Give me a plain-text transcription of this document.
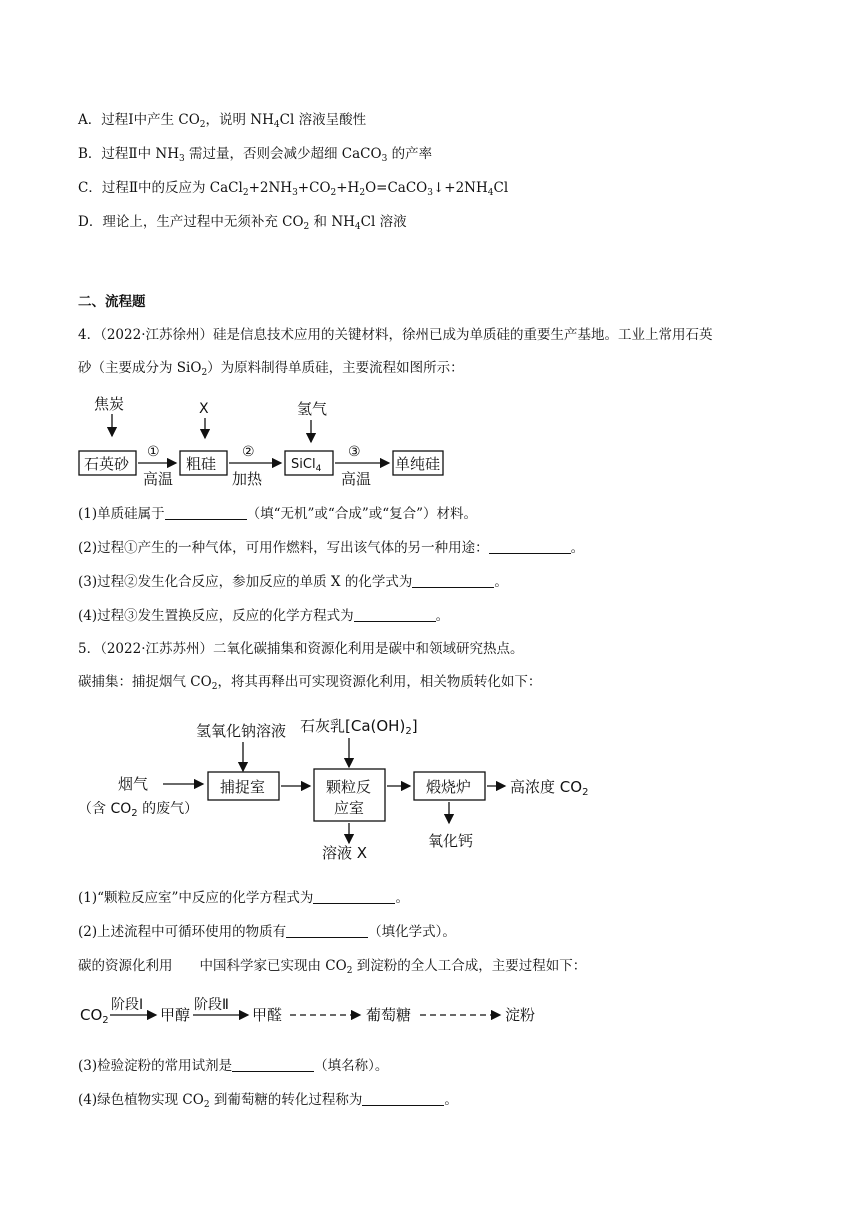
A．过程Ⅰ中产生 $CO_2$，说明 $NH_4Cl$ 溶液呈酸性
B．过程Ⅱ中 $NH_3$ 需过量，否则会减少超细 CaCO$_3$ 的产率
C．过程Ⅱ中的反应为 $CaCl_2+2NH_3+CO_2+H_2O=CaCO_3↓+2NH_4Cl$
D．理论上，生产过程中无须补充 $CO_2$ 和 $NH_4Cl$ 溶液
二、流程题
4．（2022·江苏徐州）硅是信息技术应用的关键材料，徐州已成为单质硅的重要生产基地。工业上常用石英
砂（主要成分为 SiO$_2$）为原料制得单质硅，主要流程如图所示：
焦炭	X	氢气
石英砂
①
高温
粗硅
②
加热
SiCl$_4$
③
高温
单纯硅
(1)单质硅属于	（填“无机”或“合成”或“复合”）材料。
(2)过程①产生的一种气体，可用作燃料，写出该气体的另一种用途：	。
(3)过程②发生化合反应，参加反应的单质 X 的化学式为	。
(4)过程③发生置换反应，反应的化学方程式为	。
5．（2022·江苏苏州）二氧化碳捕集和资源化利用是碳中和领域研究热点。
碳捕集：捕捉烟气 $CO_2$，将其再释出可实现资源化利用，相关物质转化如下：
氢氧化钠溶液 石灰乳$[Ca(OH)_2]$
烟气
（含 $CO_2$ 的废气）
捕捉室	颗粒反
应室
煅烧炉	高浓度 $CO_2$
溶液 X
氧化钙
(1)“颗粒反应室”中反应的化学方程式为	。
(2)上述流程中可循环使用的物质有	（填化学式）。
碳的资源化利用　　中国科学家已实现由 $CO_2$ 到淀粉的全人工合成，主要过程如下：
$CO_2$
阶段Ⅰ
甲醇
阶段Ⅱ
甲醛	葡萄糖	淀粉
(3)检验淀粉的常用试剂是	（填名称）。
(4)绿色植物实现 $CO_2$ 到葡萄糖的转化过程称为	。
